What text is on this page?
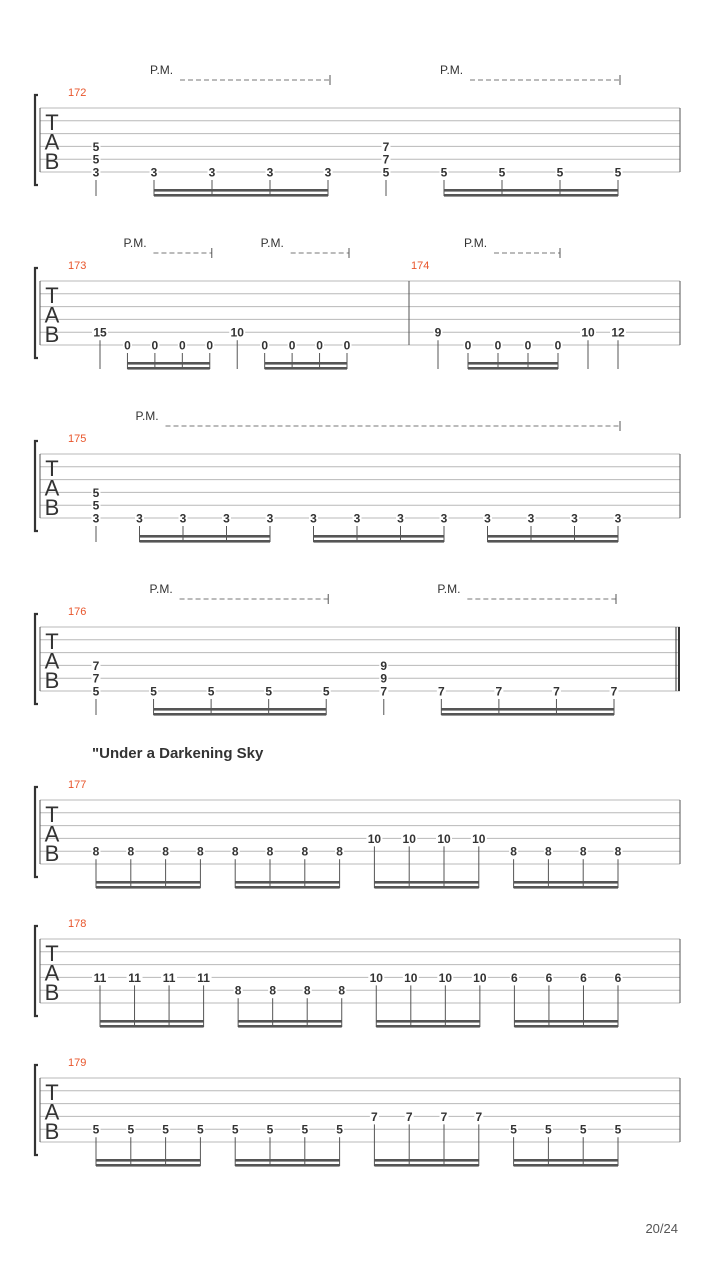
T
A
B
172
5
5
3	3	3	3	3
7
7
5	5	5	5	5
P.M.	P.M.
T
A
B
173
15
0 0 0 0
10
0 0 0 0
174
9
0 0 0 0
10 12
P.M.	P.M.	P.M.
T
A
B
175
5
5
3	3	3	3	3	3	3	3	3	3	3	3	3
P.M.
T
A
B
176
7
7
5	5	5	5	5
9
9
7	7	7	7	7
P.M.	P.M.
T
A
B
177
8 8 8 8 8 8 8 8
10 10 10 10
8 8 8 8
T
A
B
178
11 11 11 11
8 8 8 8
10 10 10 10 6 6 6 6
T
A
B
179
5 5 5 5 5 5 5 5
7 7 7 7
5 5 5 5
"Under a Darkening Sky
20/24
